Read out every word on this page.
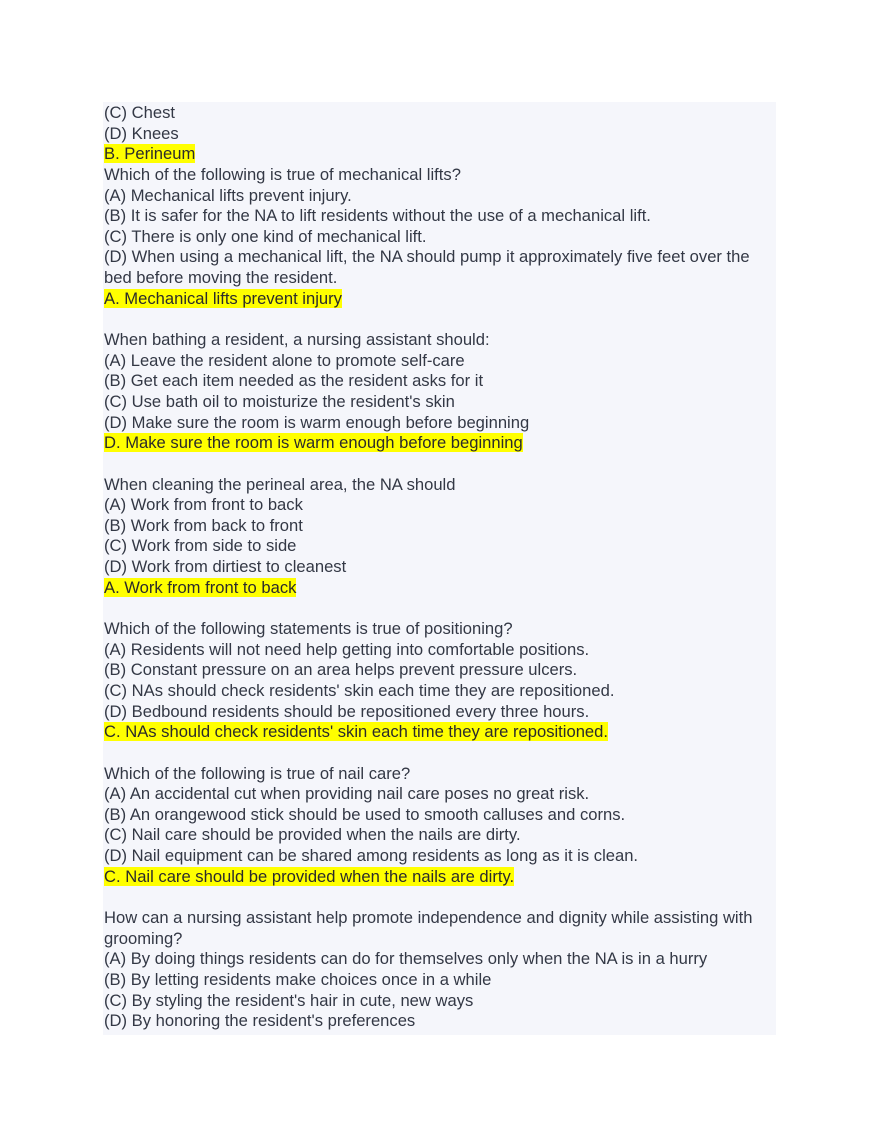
(C) Chest
(D) Knees
B. Perineum
Which of the following is true of mechanical lifts?
(A) Mechanical lifts prevent injury.
(B) It is safer for the NA to lift residents without the use of a mechanical lift.
(C) There is only one kind of mechanical lift.
(D) When using a mechanical lift, the NA should pump it approximately five feet over the bed before moving the resident.
A. Mechanical lifts prevent injury
When bathing a resident, a nursing assistant should:
(A) Leave the resident alone to promote self-care
(B) Get each item needed as the resident asks for it
(C) Use bath oil to moisturize the resident's skin
(D) Make sure the room is warm enough before beginning
D. Make sure the room is warm enough before beginning
When cleaning the perineal area, the NA should
(A) Work from front to back
(B) Work from back to front
(C) Work from side to side
(D) Work from dirtiest to cleanest
A. Work from front to back
Which of the following statements is true of positioning?
(A) Residents will not need help getting into comfortable positions.
(B) Constant pressure on an area helps prevent pressure ulcers.
(C) NAs should check residents' skin each time they are repositioned.
(D) Bedbound residents should be repositioned every three hours.
C. NAs should check residents' skin each time they are repositioned.
Which of the following is true of nail care?
(A) An accidental cut when providing nail care poses no great risk.
(B) An orangewood stick should be used to smooth calluses and corns.
(C) Nail care should be provided when the nails are dirty.
(D) Nail equipment can be shared among residents as long as it is clean.
C. Nail care should be provided when the nails are dirty.
How can a nursing assistant help promote independence and dignity while assisting with grooming?
(A) By doing things residents can do for themselves only when the NA is in a hurry
(B) By letting residents make choices once in a while
(C) By styling the resident's hair in cute, new ways
(D) By honoring the resident's preferences
